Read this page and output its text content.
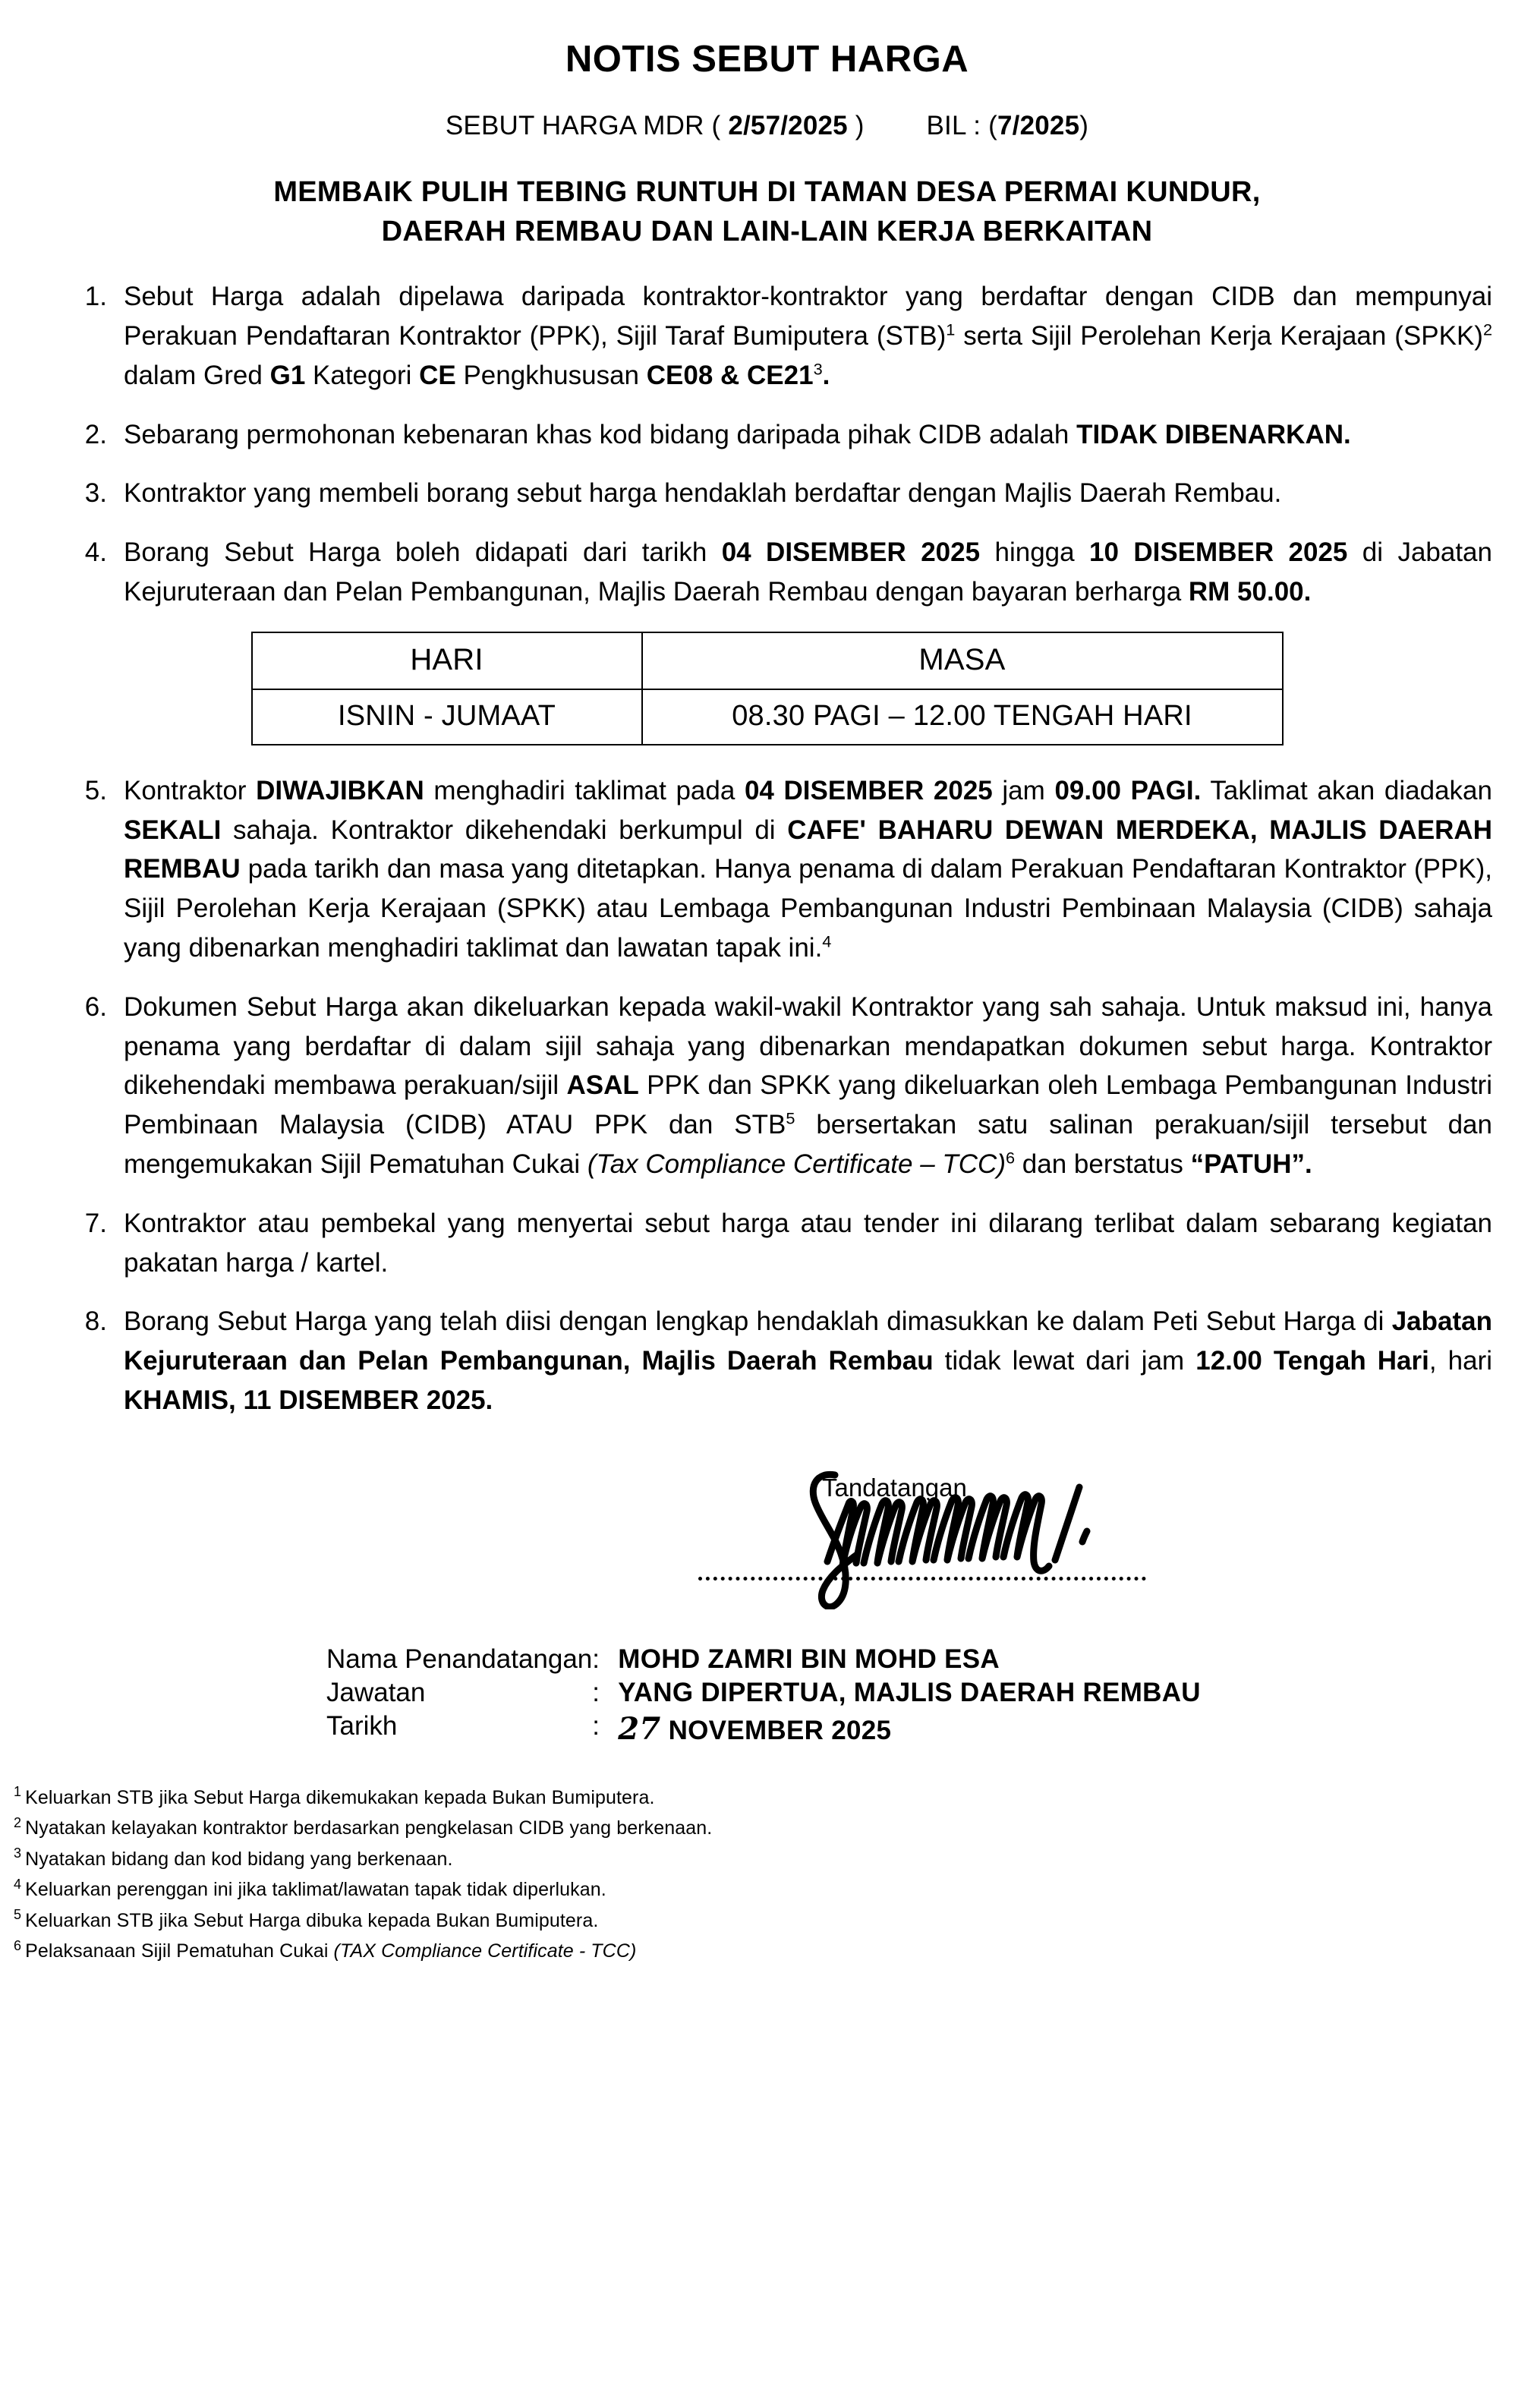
NOTIS SEBUT HARGA
SEBUT HARGA MDR ( 2/57/2025 ) BIL : (7/2025)
MEMBAIK PULIH TEBING RUNTUH DI TAMAN DESA PERMAI KUNDUR,
DAERAH REMBAU DAN LAIN-LAIN KERJA BERKAITAN
1. Sebut Harga adalah dipelawa daripada kontraktor-kontraktor yang berdaftar dengan CIDB dan mempunyai Perakuan Pendaftaran Kontraktor (PPK), Sijil Taraf Bumiputera (STB)$^1$ serta Sijil Perolehan Kerja Kerajaan (SPKK)$^2$ dalam Gred G1 Kategori CE Pengkhususan CE08 & $CE21^3$.
2. Sebarang permohonan kebenaran khas kod bidang daripada pihak CIDB adalah TIDAK DIBENARKAN.
3. Kontraktor yang membeli borang sebut harga hendaklah berdaftar dengan Majlis Daerah Rembau.
4. Borang Sebut Harga boleh didapati dari tarikh 04 DISEMBER 2025 hingga 10 DISEMBER 2025 di Jabatan Kejuruteraan dan Pelan Pembangunan, Majlis Daerah Rembau dengan bayaran berharga RM 50.00.
HARI	MASA
ISNIN - JUMAAT	08.30 PAGI – 12.00 TENGAH HARI
5. Kontraktor DIWAJIBKAN menghadiri taklimat pada 04 DISEMBER 2025 jam 09.00 PAGI. Taklimat akan diadakan SEKALI sahaja. Kontraktor dikehendaki berkumpul di CAFE' BAHARU DEWAN MERDEKA, MAJLIS DAERAH REMBAU pada tarikh dan masa yang ditetapkan. Hanya penama di dalam Perakuan Pendaftaran Kontraktor (PPK), Sijil Perolehan Kerja Kerajaan (SPKK) atau Lembaga Pembangunan Industri Pembinaan Malaysia (CIDB) sahaja yang dibenarkan menghadiri taklimat dan lawatan tapak ini.$^4$
6. Dokumen Sebut Harga akan dikeluarkan kepada wakil-wakil Kontraktor yang sah sahaja. Untuk maksud ini, hanya penama yang berdaftar di dalam sijil sahaja yang dibenarkan mendapatkan dokumen sebut harga. Kontraktor dikehendaki membawa perakuan/sijil ASAL PPK dan SPKK yang dikeluarkan oleh Lembaga Pembangunan Industri Pembinaan Malaysia (CIDB) ATAU PPK dan STB$^5$ bersertakan satu salinan perakuan/sijil tersebut dan mengemukakan Sijil Pematuhan Cukai (Tax Compliance Certificate – TCC)$^6$ dan berstatus “PATUH”.
7. Kontraktor atau pembekal yang menyertai sebut harga atau tender ini dilarang terlibat dalam sebarang kegiatan pakatan harga / kartel.
8. Borang Sebut Harga yang telah diisi dengan lengkap hendaklah dimasukkan ke dalam Peti Sebut Harga di Jabatan Kejuruteraan dan Pelan Pembangunan, Majlis Daerah Rembau tidak lewat dari jam 12.00 Tengah Hari, hari KHAMIS, 11 DISEMBER 2025.
Tandatangan
Nama Penandatangan	:	MOHD ZAMRI BIN MOHD ESA
Jawatan	:	YANG DIPERTUA, MAJLIS DAERAH REMBAU
Tarikh	:	27 NOVEMBER 2025
$^1$ Keluarkan STB jika Sebut Harga dikemukakan kepada Bukan Bumiputera.
$^2$ Nyatakan kelayakan kontraktor berdasarkan pengkelasan CIDB yang berkenaan.
$^3$ Nyatakan bidang dan kod bidang yang berkenaan.
$^4$ Keluarkan perenggan ini jika taklimat/lawatan tapak tidak diperlukan.
$^5$ Keluarkan STB jika Sebut Harga dibuka kepada Bukan Bumiputera.
$^6$ Pelaksanaan Sijil Pematuhan Cukai (TAX Compliance Certificate - TCC)
